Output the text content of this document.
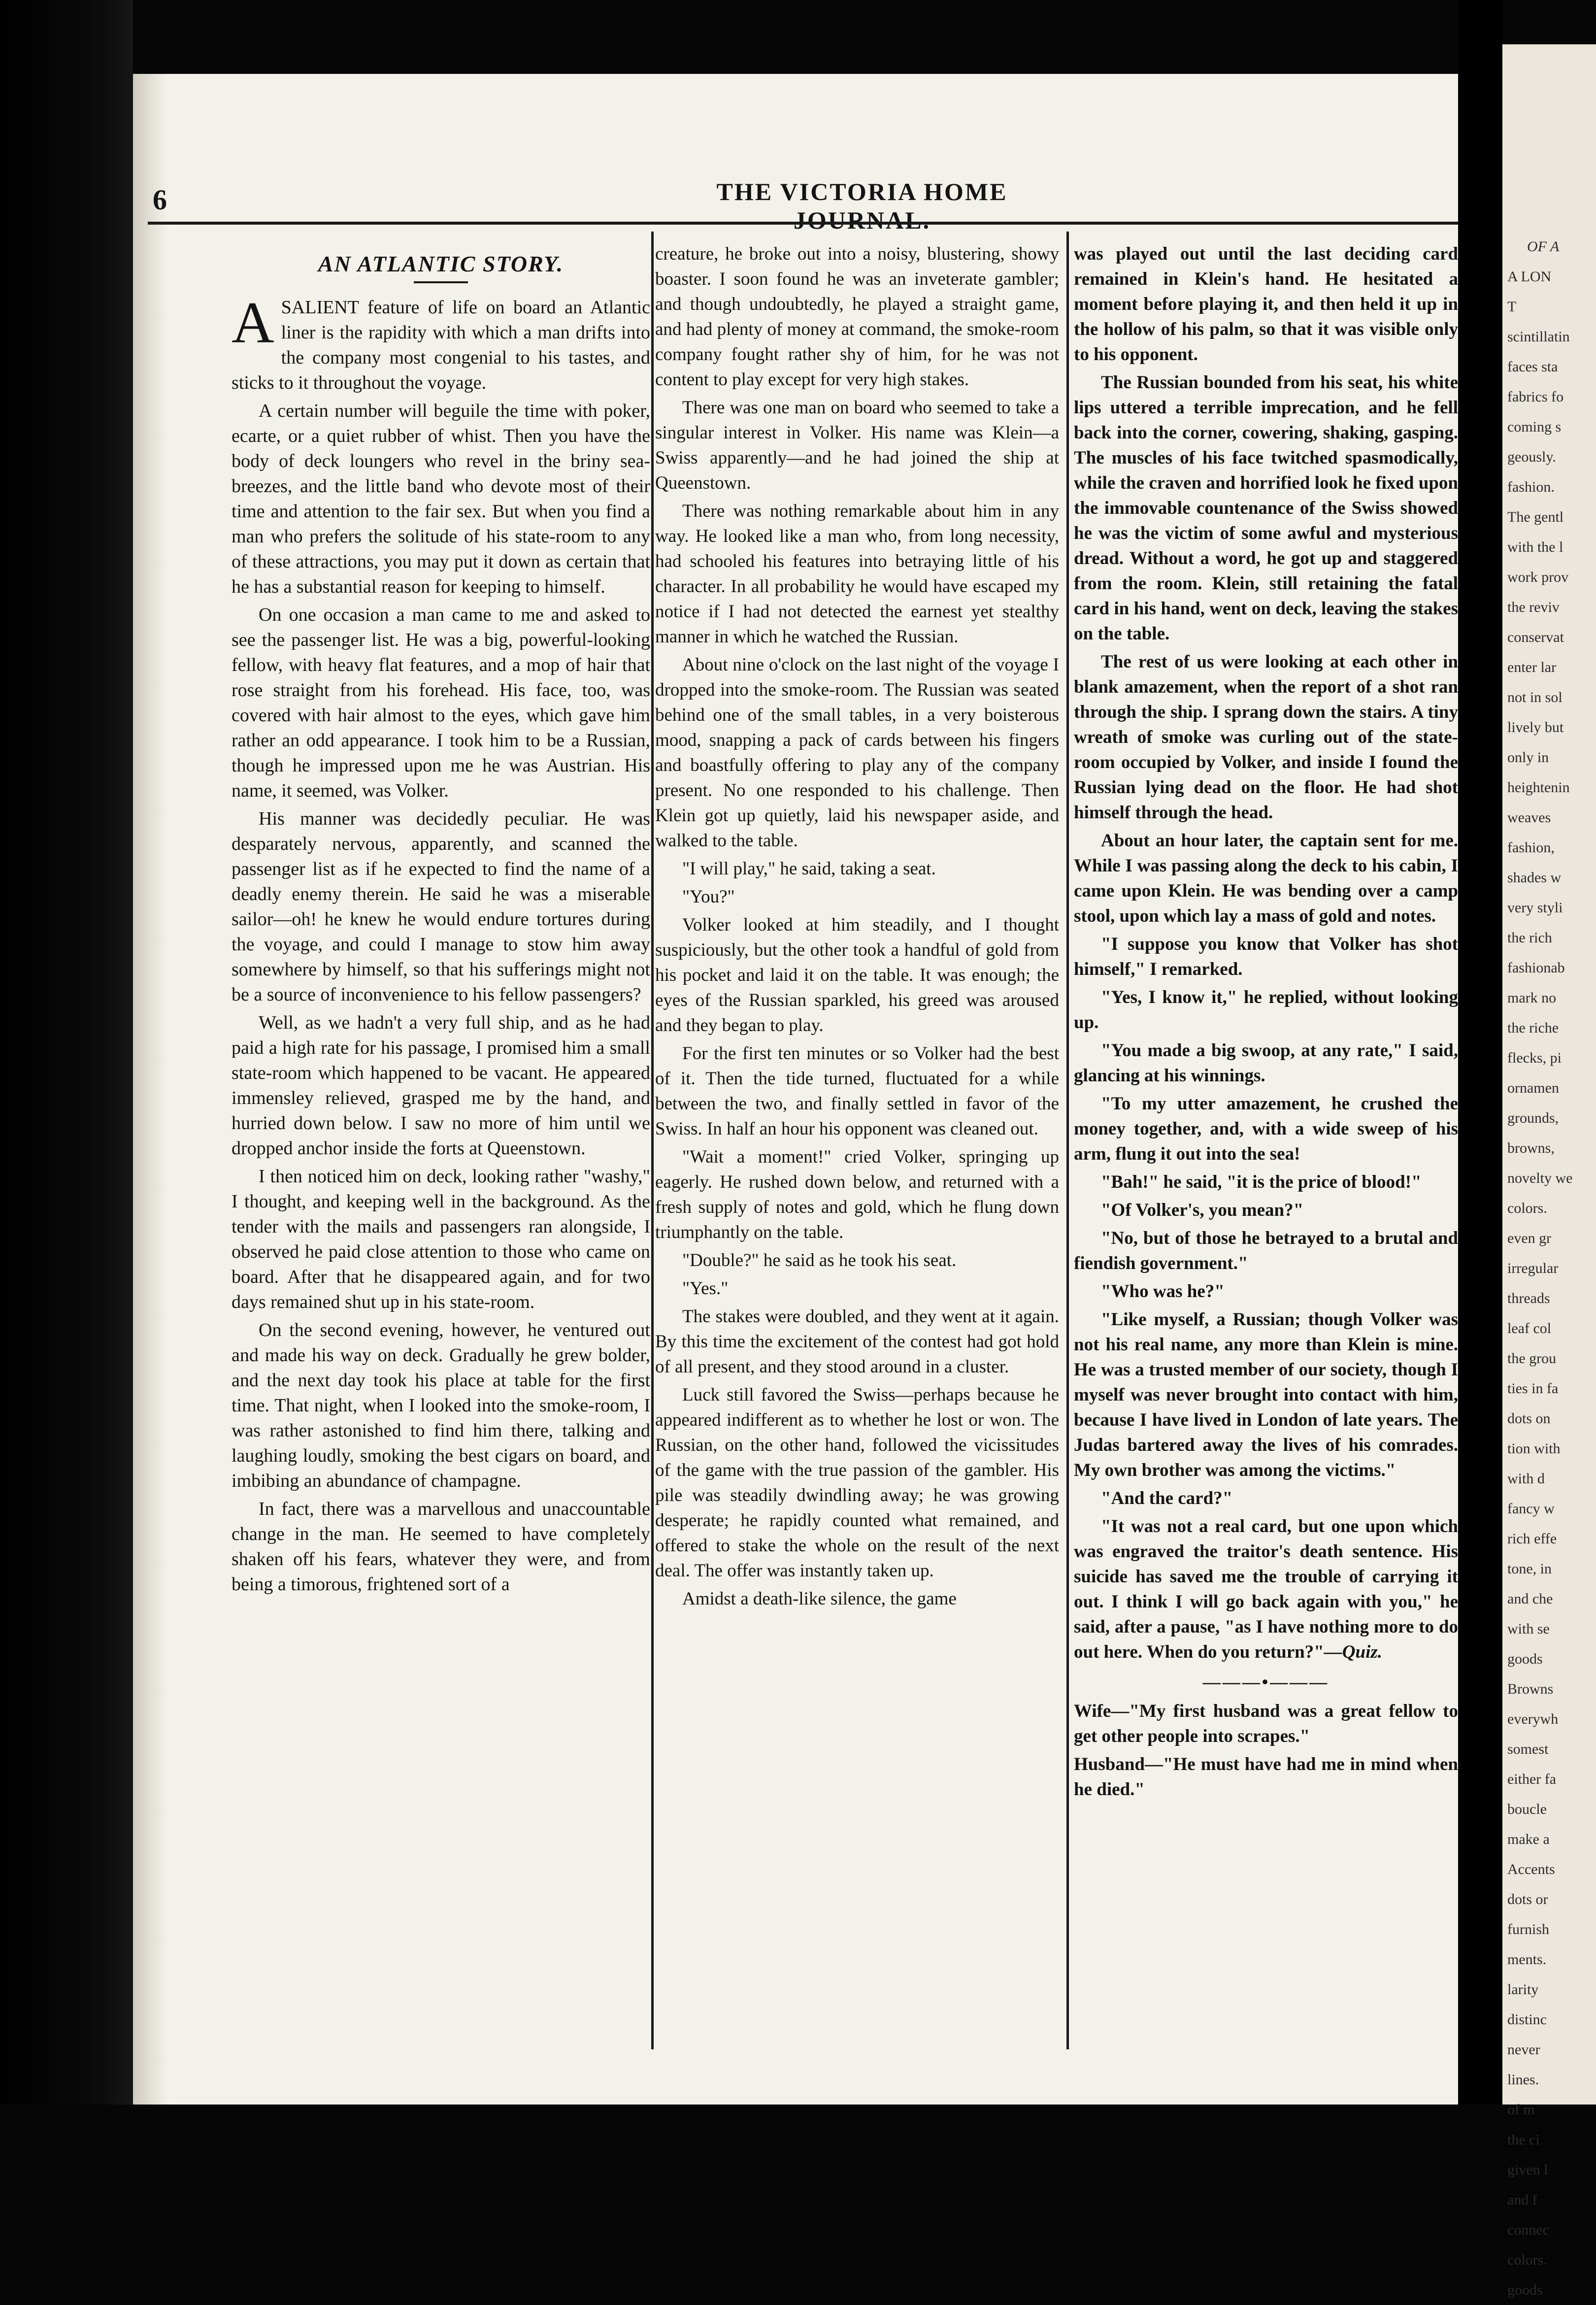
OF A
A LON
T
scintillatin
faces sta
fabrics fo
coming s
geously.
fashion.
The gentl
with the l
work prov
the reviv
conservat
enter lar
not in sol
lively but
only in
heightenin
weaves
fashion,
shades w
very styli
the rich
fashionab
mark no
the riche
flecks, pi
ornamen
grounds,
browns,
novelty we
colors.
even gr
irregular
threads
leaf col
the grou
ties in fa
dots on
tion with
with d
fancy w
rich effe
tone, in
and che
with se
goods
Browns
everywh
somest
either fa
boucle
make a
Accents
dots or
furnish
ments.
larity
distinc
never
lines.
of m
the ci
given l
and f
connec
colors.
goods
6	THE VICTORIA HOME JOURNAL.
AN ATLANTIC STORY.

ASALIENT feature of life on board an Atlantic liner is the rapidity with which a man drifts into the company most congenial to his tastes, and sticks to it throughout the voyage.

A certain number will beguile the time with poker, ecarte, or a quiet rubber of whist. Then you have the body of deck loungers who revel in the briny sea-breezes, and the little band who devote most of their time and attention to the fair sex. But when you find a man who prefers the solitude of his state-room to any of these attractions, you may put it down as certain that he has a substantial reason for keeping to himself.

On one occasion a man came to me and asked to see the passenger list. He was a big, powerful-looking fellow, with heavy flat features, and a mop of hair that rose straight from his forehead. His face, too, was covered with hair almost to the eyes, which gave him rather an odd appearance. I took him to be a Russian, though he impressed upon me he was Austrian. His name, it seemed, was Volker.

His manner was decidedly peculiar. He was desparately nervous, apparently, and scanned the passenger list as if he expected to find the name of a deadly enemy therein. He said he was a miserable sailor—oh! he knew he would endure tortures during the voyage, and could I manage to stow him away somewhere by himself, so that his sufferings might not be a source of inconvenience to his fellow passengers?

Well, as we hadn't a very full ship, and as he had paid a high rate for his passage, I promised him a small state-room which happened to be vacant. He appeared immensley relieved, grasped me by the hand, and hurried down below. I saw no more of him until we dropped anchor inside the forts at Queenstown.

I then noticed him on deck, looking rather "washy," I thought, and keeping well in the background. As the tender with the mails and passengers ran alongside, I observed he paid close attention to those who came on board. After that he disappeared again, and for two days remained shut up in his state-room.

On the second evening, however, he ventured out and made his way on deck. Gradually he grew bolder, and the next day took his place at table for the first time. That night, when I looked into the smoke-room, I was rather astonished to find him there, talking and laughing loudly, smoking the best cigars on board, and imbibing an abundance of champagne.

In fact, there was a marvellous and unaccountable change in the man. He seemed to have completely shaken off his fears, whatever they were, and from being a timorous, frightened sort of a

creature, he broke out into a noisy, blustering, showy boaster. I soon found he was an inveterate gambler; and though undoubtedly, he played a straight game, and had plenty of money at command, the smoke-room company fought rather shy of him, for he was not content to play except for very high stakes.

There was one man on board who seemed to take a singular interest in Volker. His name was Klein—a Swiss apparently—and he had joined the ship at Queenstown.

There was nothing remarkable about him in any way. He looked like a man who, from long necessity, had schooled his features into betraying little of his character. In all probability he would have escaped my notice if I had not detected the earnest yet stealthy manner in which he watched the Russian.

About nine o'clock on the last night of the voyage I dropped into the smoke-room. The Russian was seated behind one of the small tables, in a very boisterous mood, snapping a pack of cards between his fingers and boastfully offering to play any of the company present. No one responded to his challenge. Then Klein got up quietly, laid his newspaper aside, and walked to the table.

"I will play," he said, taking a seat.

"You?"

Volker looked at him steadily, and I thought suspiciously, but the other took a handful of gold from his pocket and laid it on the table. It was enough; the eyes of the Russian sparkled, his greed was aroused and they began to play.

For the first ten minutes or so Volker had the best of it. Then the tide turned, fluctuated for a while between the two, and finally settled in favor of the Swiss. In half an hour his opponent was cleaned out.

"Wait a moment!" cried Volker, springing up eagerly. He rushed down below, and returned with a fresh supply of notes and gold, which he flung down triumphantly on the table.

"Double?" he said as he took his seat.

"Yes."

The stakes were doubled, and they went at it again. By this time the excitement of the contest had got hold of all present, and they stood around in a cluster.

Luck still favored the Swiss—perhaps because he appeared indifferent as to whether he lost or won. The Russian, on the other hand, followed the vicissitudes of the game with the true passion of the gambler. His pile was steadily dwindling away; he was growing desperate; he rapidly counted what remained, and offered to stake the whole on the result of the next deal. The offer was instantly taken up.

Amidst a death-like silence, the game

was played out until the last deciding card remained in Klein's hand. He hesitated a moment before playing it, and then held it up in the hollow of his palm, so that it was visible only to his opponent.

The Russian bounded from his seat, his white lips uttered a terrible imprecation, and he fell back into the corner, cowering, shaking, gasping. The muscles of his face twitched spasmodically, while the craven and horrified look he fixed upon the immovable countenance of the Swiss showed he was the victim of some awful and mysterious dread. Without a word, he got up and staggered from the room. Klein, still retaining the fatal card in his hand, went on deck, leaving the stakes on the table.

The rest of us were looking at each other in blank amazement, when the report of a shot ran through the ship. I sprang down the stairs. A tiny wreath of smoke was curling out of the state-room occupied by Volker, and inside I found the Russian lying dead on the floor. He had shot himself through the head.

About an hour later, the captain sent for me. While I was passing along the deck to his cabin, I came upon Klein. He was bending over a camp stool, upon which lay a mass of gold and notes.

"I suppose you know that Volker has shot himself," I remarked.

"Yes, I know it," he replied, without looking up.

"You made a big swoop, at any rate," I said, glancing at his winnings.

"To my utter amazement, he crushed the money together, and, with a wide sweep of his arm, flung it out into the sea!

"Bah!" he said, "it is the price of blood!"

"Of Volker's, you mean?"

"No, but of those he betrayed to a brutal and fiendish government."

"Who was he?"

"Like myself, a Russian; though Volker was not his real name, any more than Klein is mine. He was a trusted member of our society, though I myself was never brought into contact with him, because I have lived in London of late years. The Judas bartered away the lives of his comrades. My own brother was among the victims."

"And the card?"

"It was not a real card, but one upon which was engraved the traitor's death sentence. His suicide has saved me the trouble of carrying it out. I think I will go back again with you," he said, after a pause, "as I have nothing more to do out here. When do you return?"—Quiz.

———•———

Wife—"My first husband was a great fellow to get other people into scrapes."

Husband—"He must have had me in mind when he died."
